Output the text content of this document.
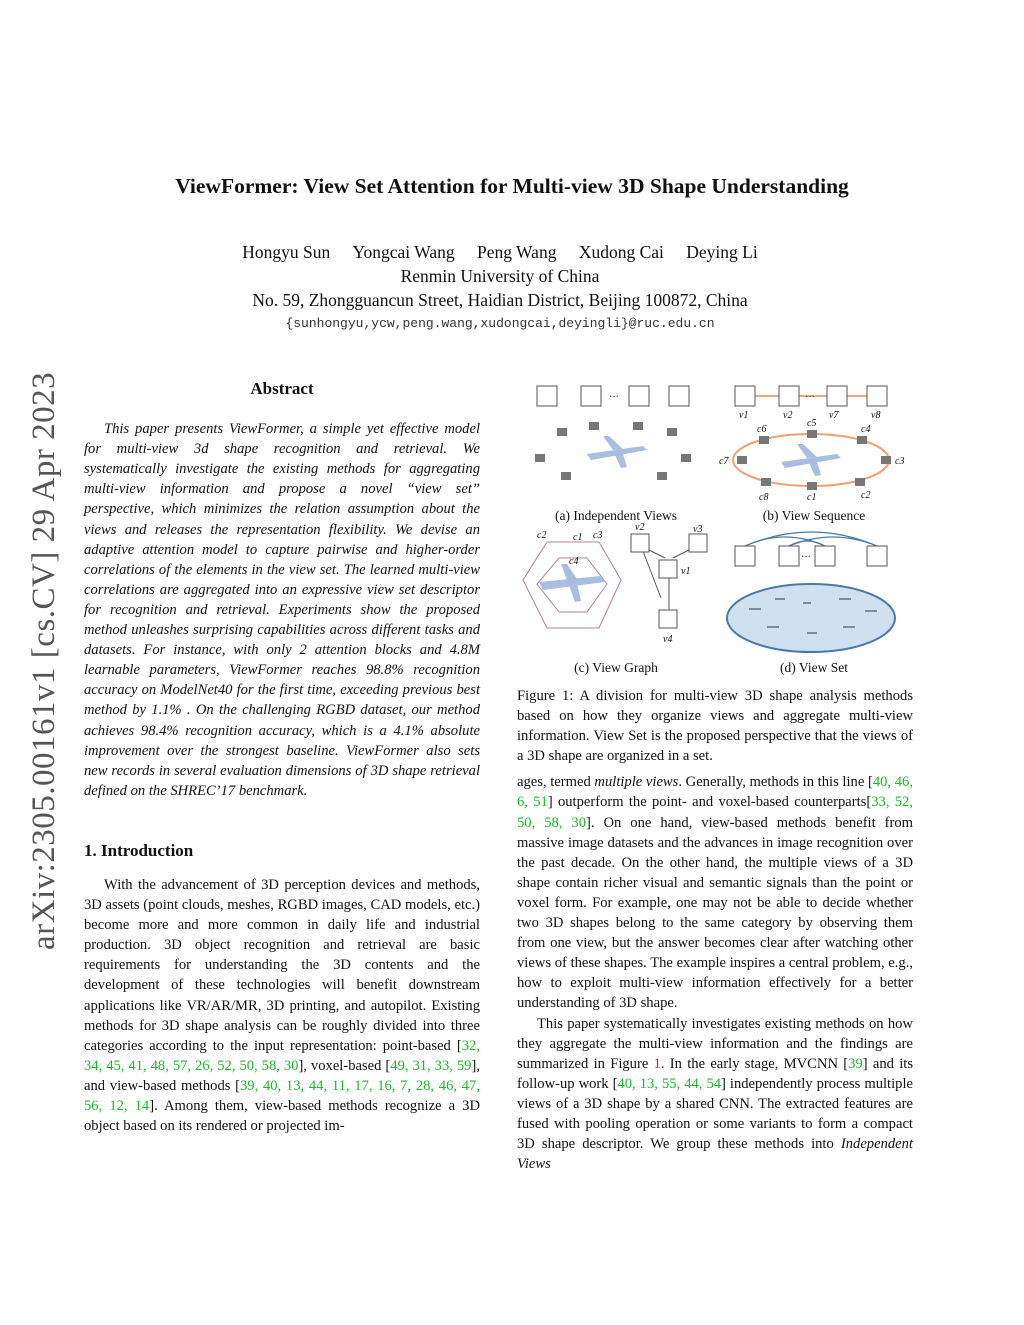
arXiv:2305.00161v1 [cs.CV] 29 Apr 2023
ViewFormer: View Set Attention for Multi-view 3D Shape Understanding
Hongyu Sun Yongcai Wang Peng Wang Xudong Cai Deying Li
Renmin University of China
No. 59, Zhongguancun Street, Haidian District, Beijing 100872, China
{sunhongyu,ycw,peng.wang,xudongcai,deyingli}@ruc.edu.cn
Abstract

This paper presents ViewFormer, a simple yet effective model for multi-view 3d shape recognition and retrieval. We systematically investigate the existing methods for aggregating multi-view information and propose a novel “view set” perspective, which minimizes the relation assumption about the views and releases the representation flexibility. We devise an adaptive attention model to capture pairwise and higher-order correlations of the elements in the view set. The learned multi-view correlations are aggregated into an expressive view set descriptor for recognition and retrieval. Experiments show the proposed method unleashes surprising capabilities across different tasks and datasets. For instance, with only 2 attention blocks and 4.8M learnable parameters, ViewFormer reaches 98.8% recognition accuracy on ModelNet40 for the first time, exceeding previous best method by 1.1% . On the challenging RGBD dataset, our method achieves 98.4% recognition accuracy, which is a 4.1% absolute improvement over the strongest baseline. ViewFormer also sets new records in several evaluation dimensions of 3D shape retrieval defined on the SHREC’17 benchmark.

1. Introduction

With the advancement of 3D perception devices and methods, 3D assets (point clouds, meshes, RGBD images, CAD models, etc.) become more and more common in daily life and industrial production. 3D object recognition and retrieval are basic requirements for understanding the 3D contents and the development of these technologies will benefit downstream applications like VR/AR/MR, 3D printing, and autopilot. Existing methods for 3D shape analysis can be roughly divided into three categories according to the input representation: point-based [32, 34, 45, 41, 48, 57, 26, 52, 50, 58, 30], voxel-based [49, 31, 33, 59], and view-based methods [39, 40, 13, 44, 11, 17, 16, 7, 28, 46, 47, 56, 12, 14]. Among them, view-based methods recognize a 3D object based on its rendered or projected im-

···
(a) Independent Views
···
v1	v2	v7	v8
c6
c5
c4
c7	c3
c8	c1	c2
(b) View Sequence
c2	c1 c3
c4
v2	v3
v1
v4
(c) View Graph
···
(d) View Set
Figure 1: A division for multi-view 3D shape analysis methods based on how they organize views and aggregate multi-view information. View Set is the proposed perspective that the views of a 3D shape are organized in a set.

ages, termed multiple views. Generally, methods in this line [40, 46, 6, 51] outperform the point- and voxel-based counterparts[33, 52, 50, 58, 30]. On one hand, view-based methods benefit from massive image datasets and the advances in image recognition over the past decade. On the other hand, the multiple views of a 3D shape contain richer visual and semantic signals than the point or voxel form. For example, one may not be able to decide whether two 3D shapes belong to the same category by observing them from one view, but the answer becomes clear after watching other views of these shapes. The example inspires a central problem, e.g., how to exploit multi-view information effectively for a better understanding of 3D shape.

This paper systematically investigates existing methods on how they aggregate the multi-view information and the findings are summarized in Figure 1. In the early stage, MVCNN [39] and its follow-up work [40, 13, 55, 44, 54] independently process multiple views of a 3D shape by a shared CNN. The extracted features are fused with pooling operation or some variants to form a compact 3D shape descriptor. We group these methods into Independent Views
